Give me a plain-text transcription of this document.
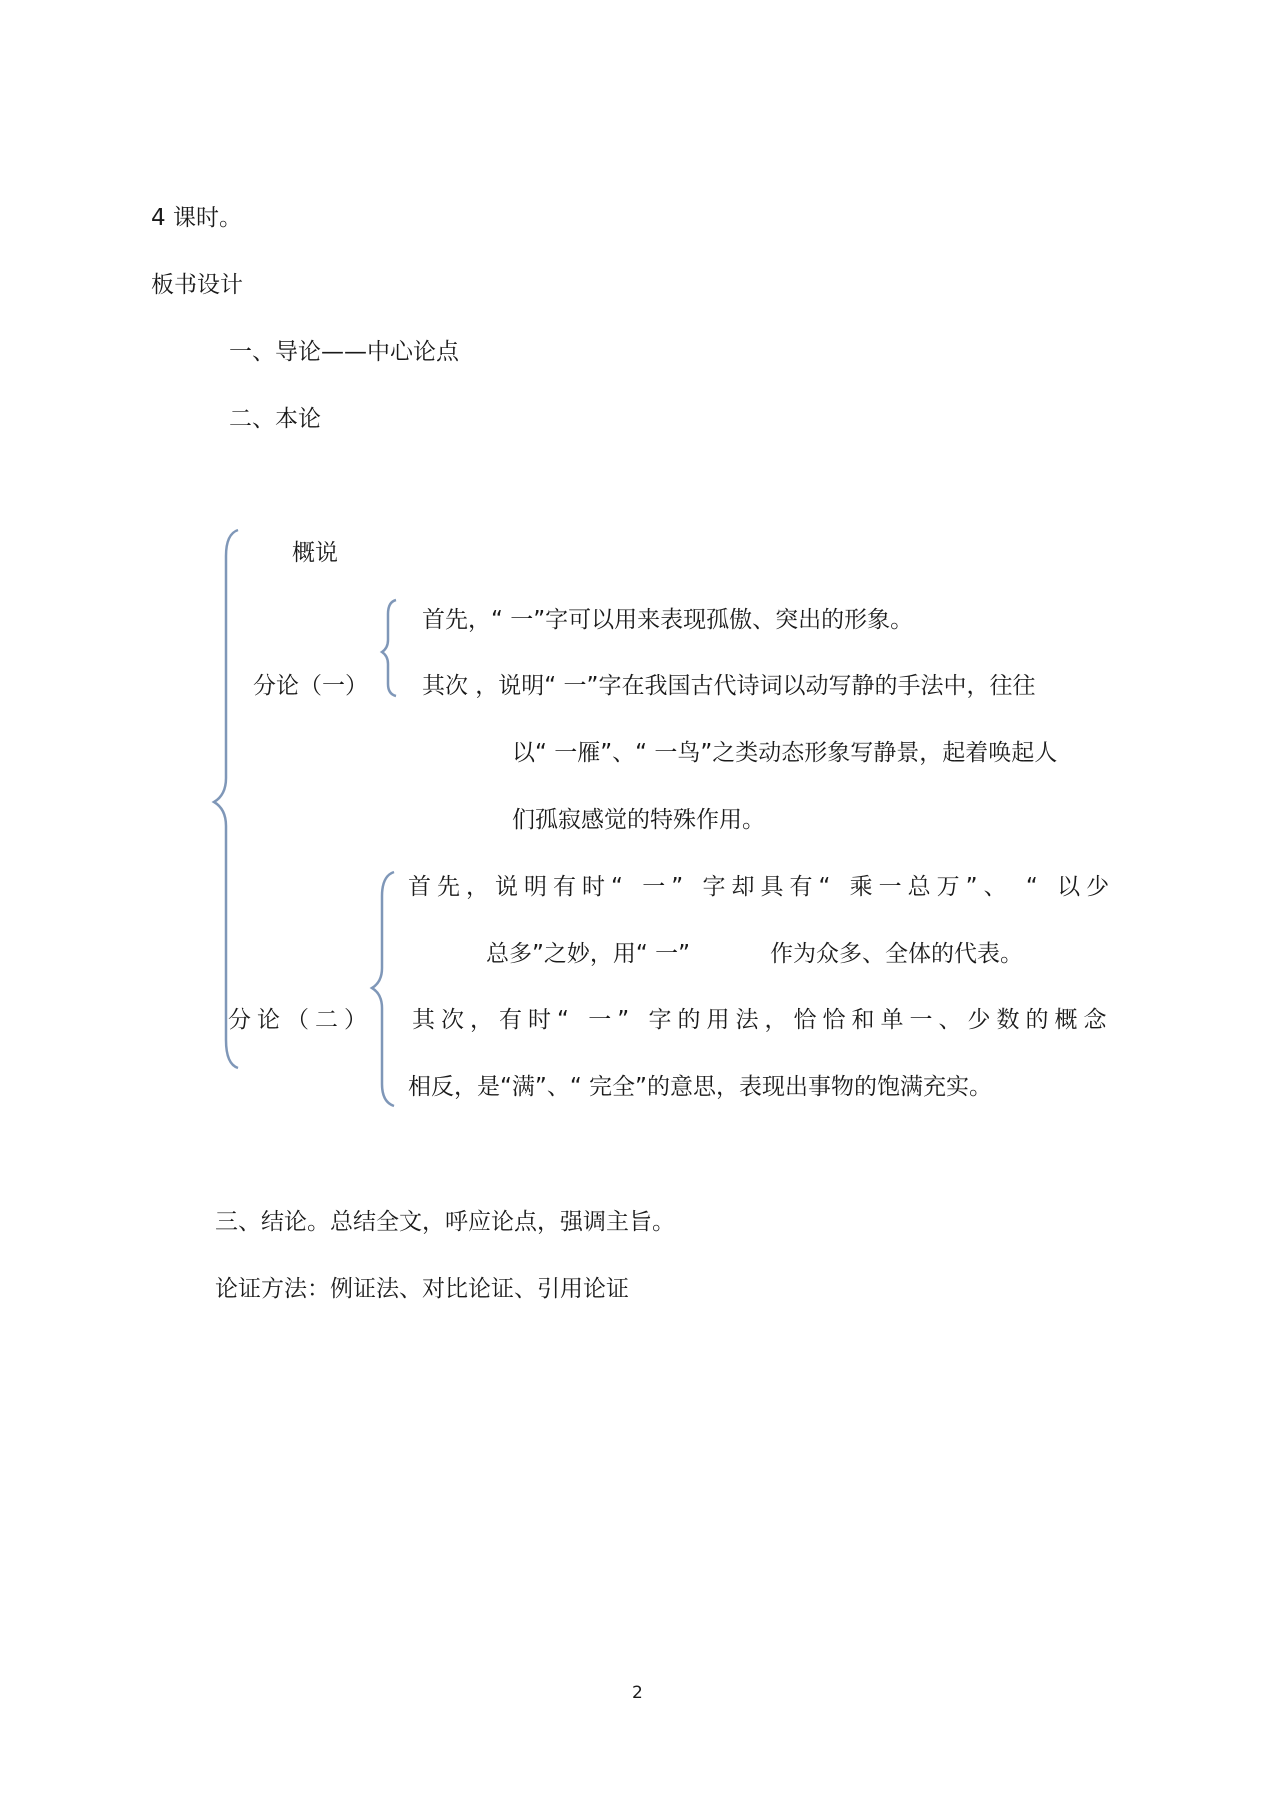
4 课时。
板书设计
一、导论——中心论点
二、本论
概说
分论（一）
首先，“ 一”字可以用来表现孤傲、突出的形象。
其次 ，说明“ 一”字在我国古代诗词以动写静的手法中，往往
以“ 一雁”、“ 一鸟”之类动态形象写静景，起着唤起人
们孤寂感觉的特殊作用。
首先，说明有时“ 一” 字却具有“ 乘一总万”、 “ 以少
总多”之妙，用“ 一”	作为众多、全体的代表。
分论（二） 其次，有时“ 一” 字的用法，恰恰和单一、少数的概念
相反，是“满”、“ 完全”的意思，表现出事物的饱满充实。
三、结论。总结全文，呼应论点，强调主旨。
论证方法：例证法、对比论证、引用论证
2
